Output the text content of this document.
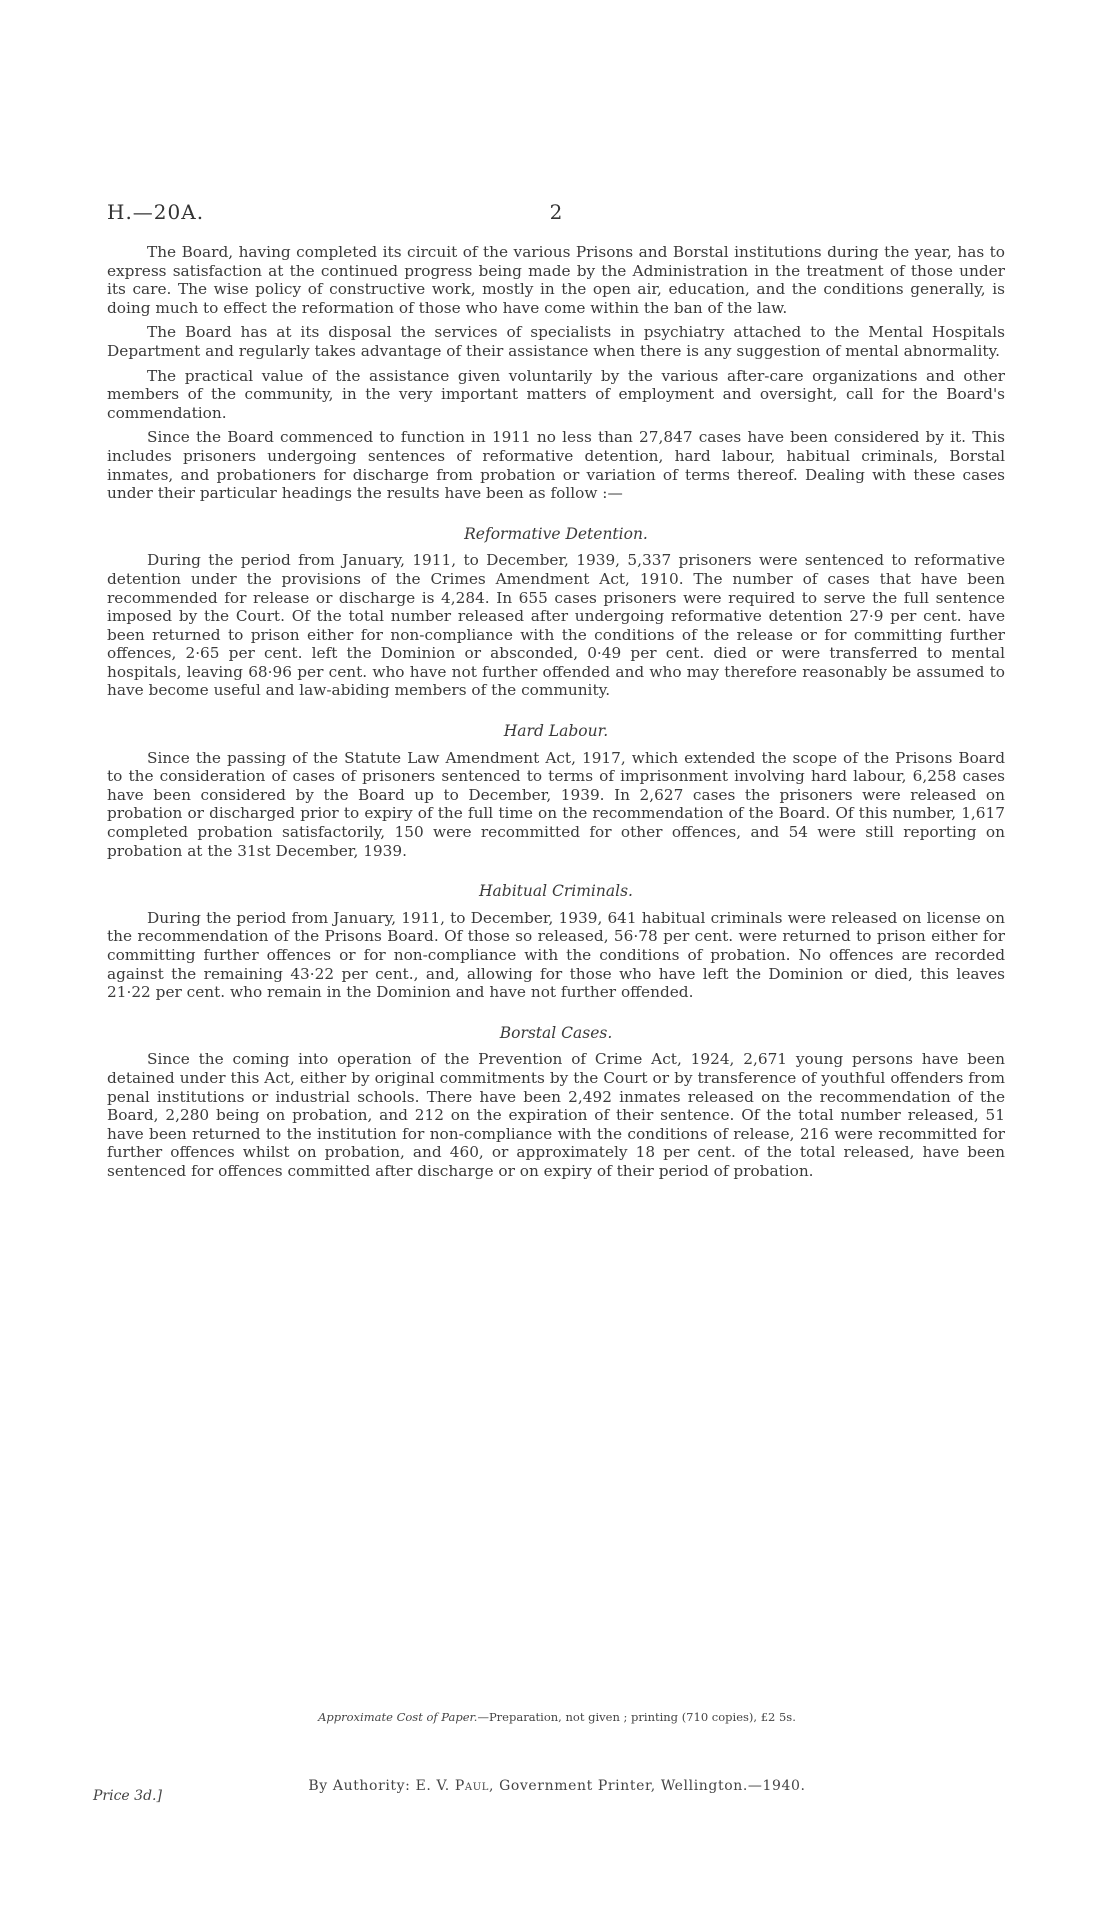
H.—20A.	2

The Board, having completed its circuit of the various Prisons and Borstal institutions during the year, has to express satisfaction at the continued progress being made by the Administration in the treatment of those under its care. The wise policy of constructive work, mostly in the open air, education, and the conditions generally, is doing much to effect the reformation of those who have come within the ban of the law.

The Board has at its disposal the services of specialists in psychiatry attached to the Mental Hospitals Department and regularly takes advantage of their assistance when there is any suggestion of mental abnormality.

The practical value of the assistance given voluntarily by the various after-care organizations and other members of the community, in the very important matters of employment and oversight, call for the Board's commendation.

Since the Board commenced to function in 1911 no less than 27,847 cases have been considered by it. This includes prisoners undergoing sentences of reformative detention, hard labour, habitual criminals, Borstal inmates, and probationers for discharge from probation or variation of terms thereof. Dealing with these cases under their particular headings the results have been as follow :—

Reformative Detention.

During the period from January, 1911, to December, 1939, 5,337 prisoners were sentenced to reformative detention under the provisions of the Crimes Amendment Act, 1910. The number of cases that have been recommended for release or discharge is 4,284. In 655 cases prisoners were required to serve the full sentence imposed by the Court. Of the total number released after undergoing reformative detention 27·9 per cent. have been returned to prison either for non-compliance with the conditions of the release or for committing further offences, 2·65 per cent. left the Dominion or absconded, 0·49 per cent. died or were transferred to mental hospitals, leaving 68·96 per cent. who have not further offended and who may therefore reasonably be assumed to have become useful and law-abiding members of the community.

Hard Labour.

Since the passing of the Statute Law Amendment Act, 1917, which extended the scope of the Prisons Board to the consideration of cases of prisoners sentenced to terms of imprisonment involving hard labour, 6,258 cases have been considered by the Board up to December, 1939. In 2,627 cases the prisoners were released on probation or discharged prior to expiry of the full time on the recommendation of the Board. Of this number, 1,617 completed probation satisfactorily, 150 were recommitted for other offences, and 54 were still reporting on probation at the 31st December, 1939.

Habitual Criminals.

During the period from January, 1911, to December, 1939, 641 habitual criminals were released on license on the recommendation of the Prisons Board. Of those so released, 56·78 per cent. were returned to prison either for committing further offences or for non-compliance with the conditions of probation. No offences are recorded against the remaining 43·22 per cent., and, allowing for those who have left the Dominion or died, this leaves 21·22 per cent. who remain in the Dominion and have not further offended.

Borstal Cases.

Since the coming into operation of the Prevention of Crime Act, 1924, 2,671 young persons have been detained under this Act, either by original commitments by the Court or by transference of youthful offenders from penal institutions or industrial schools. There have been 2,492 inmates released on the recommendation of the Board, 2,280 being on probation, and 212 on the expiration of their sentence. Of the total number released, 51 have been returned to the institution for non-compliance with the conditions of release, 216 were recommitted for further offences whilst on probation, and 460, or approximately 18 per cent. of the total released, have been sentenced for offences committed after discharge or on expiry of their period of probation.

Approximate Cost of Paper.—Preparation, not given ; printing (710 copies), £2 5s.
By Authority: E. V. Paul, Government Printer, Wellington.—1940.
Price 3d.]
